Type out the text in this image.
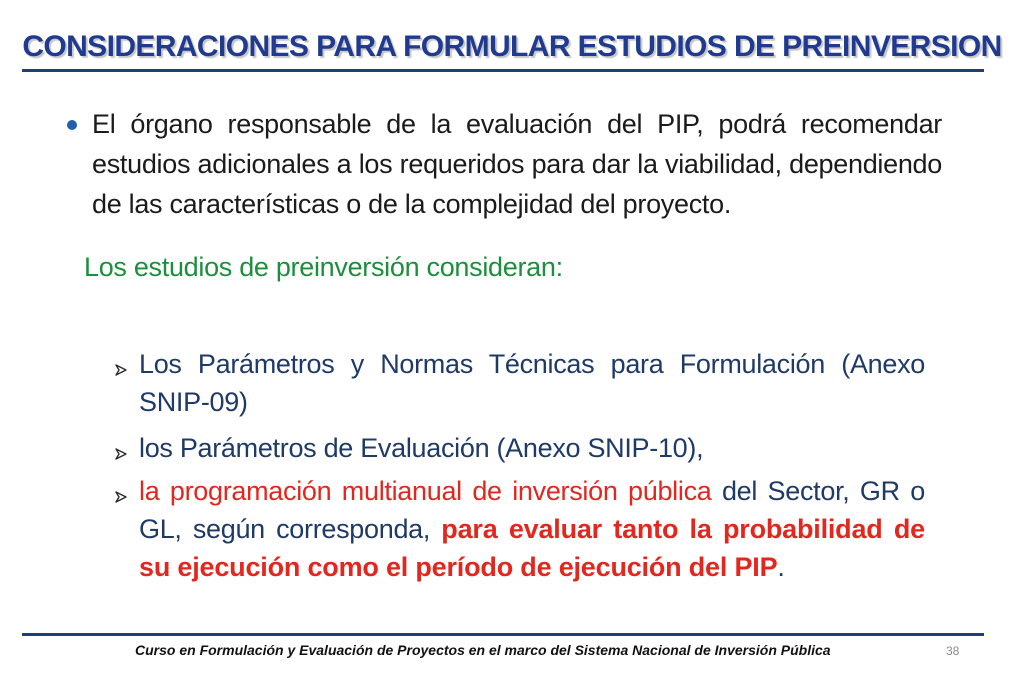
CONSIDERACIONES PARA FORMULAR ESTUDIOS DE PREINVERSION
El órgano responsable de la evaluación del PIP, podrá recomendar estudios adicionales a los requeridos para dar la viabilidad, dependiendo de las características o de la complejidad del proyecto.
Los estudios de preinversión consideran:
Los Parámetros y Normas Técnicas para Formulación (Anexo SNIP-09)
los Parámetros de Evaluación (Anexo SNIP-10),
la programación multianual de inversión pública del Sector, GR o GL, según corresponda, para evaluar tanto la probabilidad de su ejecución como el período de ejecución del PIP.
Curso en Formulación y Evaluación de Proyectos en el marco del Sistema Nacional de Inversión Pública	38
